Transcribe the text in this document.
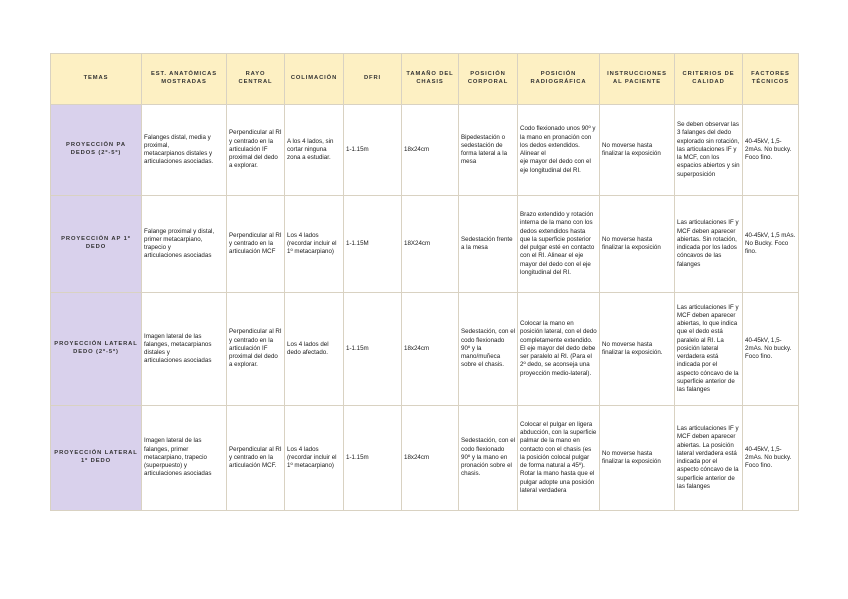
TEMAS	EST. ANATÓMICAS MOSTRADAS	RAYO CENTRAL	COLIMACIÓN	DFRI	TAMAÑO DEL CHASIS	POSICIÓN CORPORAL	POSICIÓN RADIOGRÁFICA	INSTRUCCIONES AL PACIENTE	CRITERIOS DE CALIDAD	FACTORES TÉCNICOS
PROYECCIÓN PA DEDOS (2º-5º)	Falanges distal, media y proximal,
metacarpianos distales y
articulaciones asociadas.	Perpendicular al RI y centrado en la articulación IF proximal del dedo a explorar.	A los 4 lados, sin cortar ninguna zona a estudiar.	1-1.15m	18x24cm	Bipedestación o sedestación de forma lateral a la mesa	Codo flexionado unos 90º y la mano en pronación con los dedos extendidos.
Alinear el
eje mayor del dedo con el eje longitudinal del RI.	No moverse hasta finalizar la exposición	Se deben observar las 3 falanges del dedo explorado sin rotación, las articulaciones IF y la MCF, con los espacios abiertos y sin superposición	40-45kV, 1,5-2mAs. No bucky. Foco fino.
PROYECCIÓN AP 1º DEDO	Falange proximal y distal, primer metacarpiano, trapecio y
articulaciones asociadas	Perpendicular al RI y centrado en la articulación MCF	Los 4 lados (recordar incluir el 1º metacarpiano)	1-1.15M	18X24cm	Sedestación frente a la mesa	Brazo extendido y rotación interna de la mano con los dedos extendidos hasta que la superficie posterior del pulgar esté en contacto con el RI. Alinear el eje mayor del dedo con el eje longitudinal del RI.	No moverse hasta finalizar la exposición	Las articulaciones IF y MCF deben aparecer abiertas. Sin rotación, indicada por los lados cóncavos de las falanges	40-45kV, 1,5 mAs. No Bucky. Foco fino.
PROYECCIÓN LATERAL DEDO (2º-5º)	Imagen lateral de las falanges, metacarpianos distales y
articulaciones asociadas	Perpendicular al RI y centrado en la articulación IF proximal del dedo a explorar.	Los 4 lados del dedo afectado.	1-1.15m	18x24cm	Sedestación, con el codo flexionado 90º y la mano/muñeca sobre el chasis.	Colocar la mano en posición lateral, con el dedo completamente extendido. El eje mayor del dedo debe ser paralelo al RI. (Para el 2º dedo, se aconseja una proyección medio-lateral).	No moverse hasta finalizar la exposición.	Las articulaciones IF y MCF deben aparecer abiertas, lo que indica que el dedo está paralelo al RI. La posición lateral verdadera está indicada por el aspecto cóncavo de la superficie anterior de las falanges	40-45kV, 1,5-2mAs. No bucky. Foco fino.
PROYECCIÓN LATERAL 1º DEDO	Imagen lateral de las falanges, primer metacarpiano, trapecio (superpuesto) y
articulaciones asociadas	Perpendicular al RI y centrado en la articulación MCF.	Los 4 lados (recordar incluir el 1º metacarpiano)	1-1.15m	18x24cm	Sedestación, con el codo flexionado 90º y la mano en pronación sobre el chasis.	Colocar el pulgar en ligera abducción, con la superficie palmar de la mano en contacto con el chasis (es la posición colocal pulgar de forma natural a 45º). Rotar la mano hasta que el pulgar adopte una posición lateral verdadera	No moverse hasta finalizar la exposición	Las articulaciones IF y MCF deben aparecer abiertas. La posición lateral verdadera está indicada por el aspecto cóncavo de la superficie anterior de las falanges	40-45kV, 1,5-2mAs. No bucky. Foco fino.
